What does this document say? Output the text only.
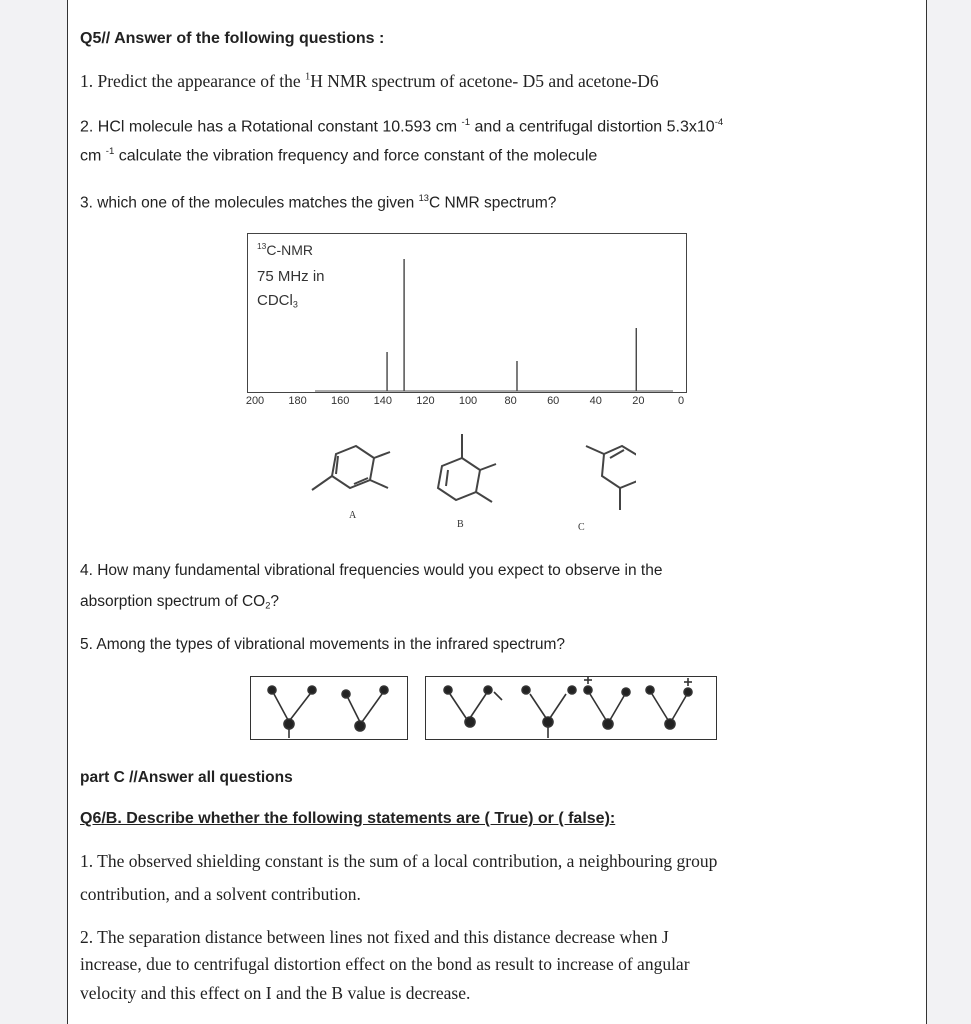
Q5// Answer of the following questions :
1. Predict the appearance of the $^1$H NMR spectrum of acetone- D5 and acetone-D6
2. HCl molecule has a Rotational constant 10.593 cm $^{-1}$ and a centrifugal distortion $5.3x10^{-4}$
cm $^{-1}$ calculate the vibration frequency and force constant of the molecule
3. which one of the molecules matches the given $^{13}$C NMR spectrum?
$^{13}$C-NMR
75 MHz in
CDCl$_3$
200 180 160 140 120 100 80	60	40	20	0
A
B	C
4. How many fundamental vibrational frequencies would you expect to observe in the
absorption spectrum of $CO_2$?
5. Among the types of vibrational movements in the infrared spectrum?
part C //Answer all questions
Q6/B. Describe whether the following statements are ( True) or ( false):
1. The observed shielding constant is the sum of a local contribution, a neighbouring group
contribution, and a solvent contribution.
2. The separation distance between lines not fixed and this distance decrease when J
increase, due to centrifugal distortion effect on the bond as result to increase of angular
velocity and this effect on I and the B value is decrease.
